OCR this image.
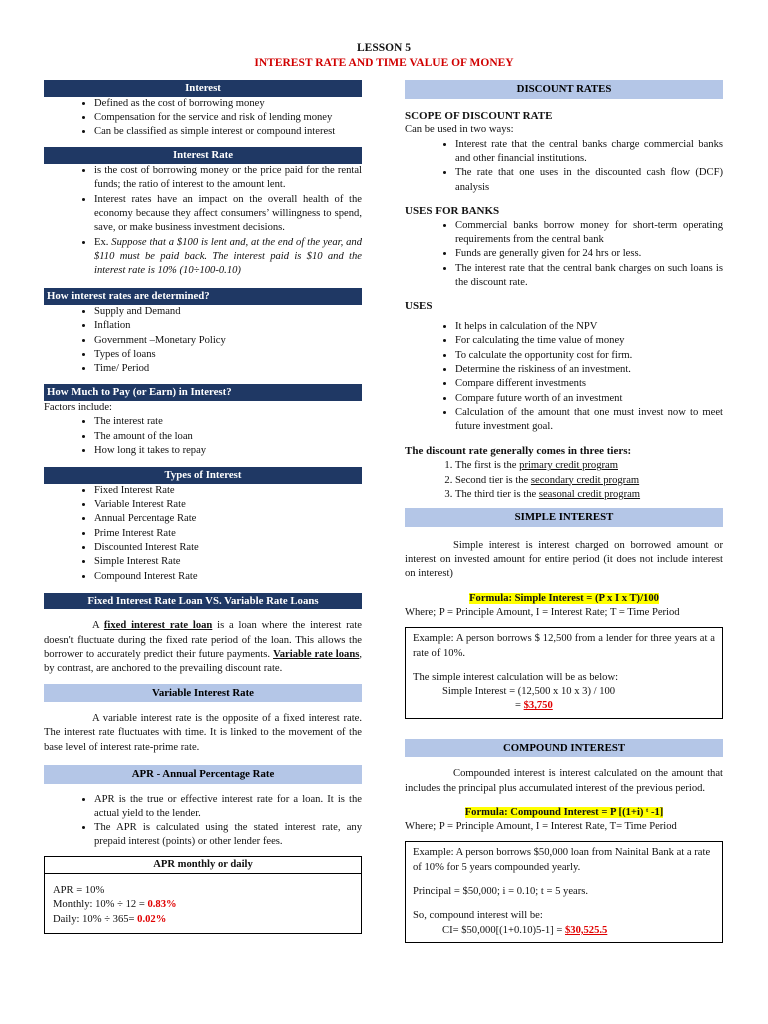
LESSON 5
INTEREST RATE AND TIME VALUE OF MONEY
Interest
• Defined as the cost of borrowing money
• Compensation for the service and risk of lending money
• Can be classified as simple interest or compound interest
Interest Rate
• is the cost of borrowing money or the price paid for the rental funds; the ratio of interest to the amount lent.
• Interest rates have an impact on the overall health of the economy because they affect consumers’ willingness to spend, save, or make business investment decisions.
• Ex. Suppose that a $100 is lent and, at the end of the year, and $110 must be paid back. The interest paid is $10 and the interest rate is 10% (10÷100-0.10)
How interest rates are determined?
• Supply and Demand
• Inflation
• Government –Monetary Policy
• Types of loans
• Time/ Period
How Much to Pay (or Earn) in Interest?

Factors include:

• The interest rate
• The amount of the loan
• How long it takes to repay
Types of Interest
• Fixed Interest Rate
• Variable Interest Rate
• Annual Percentage Rate
• Prime Interest Rate
• Discounted Interest Rate
• Simple Interest Rate
• Compound Interest Rate
Fixed Interest Rate Loan VS. Variable Rate Loans

A fixed interest rate loan is a loan where the interest rate doesn't fluctuate during the fixed rate period of the loan. This allows the borrower to accurately predict their future payments. Variable rate loans, by contrast, are anchored to the prevailing discount rate.

Variable Interest Rate

A variable interest rate is the opposite of a fixed interest rate. The interest rate fluctuates with time. It is linked to the movement of the base level of interest rate-prime rate.

APR - Annual Percentage Rate
• APR is the true or effective interest rate for a loan. It is the actual yield to the lender.
• The APR is calculated using the stated interest rate, any prepaid interest (points) or other lender fees.
APR monthly or daily

APR = 10%

Monthly: 10% ÷ 12 = 0.83%

Daily: 10% ÷ 365= 0.02%

DISCOUNT RATES
SCOPE OF DISCOUNT RATE

Can be used in two ways:

• Interest rate that the central banks charge commercial banks and other financial institutions.
• The rate that one uses in the discounted cash flow (DCF) analysis
USES FOR BANKS
• Commercial banks borrow money for short-term operating requirements from the central bank
• Funds are generally given for 24 hrs or less.
• The interest rate that the central bank charges on such loans is the discount rate.
USES
• It helps in calculation of the NPV
• For calculating the time value of money
• To calculate the opportunity cost for firm.
• Determine the riskiness of an investment.
• Compare different investments
• Compare future worth of an investment
• Calculation of the amount that one must invest now to meet future investment goal.
The discount rate generally comes in three tiers:
1. The first is the primary credit program
2. Second tier is the secondary credit program
3. The third tier is the seasonal credit program
SIMPLE INTEREST

Simple interest is interest charged on borrowed amount or interest on invested amount for entire period (it does not include interest on interest)

Formula: Simple Interest = (P x I x T)/100

Where; P = Principle Amount, I = Interest Rate; T = Time Period

Example: A person borrows $ 12,500 from a lender for three years at a rate of 10%.

The simple interest calculation will be as below:

Simple Interest = (12,500 x 10 x 3) / 100

= $3,750

COMPOUND INTEREST

Compounded interest is interest calculated on the amount that includes the principal plus accumulated interest of the previous period.

Formula: Compound Interest = P [(1+i) ᵗ -1]

Where; P = Principle Amount, I = Interest Rate, T= Time Period

Example: A person borrows $50,000 loan from Nainital Bank at a rate of 10% for 5 years compounded yearly.

Principal = $50,000; i = 0.10; t = 5 years.

So, compound interest will be:

CI= $50,000[(1+0.10)5-1] = $30,525.5
